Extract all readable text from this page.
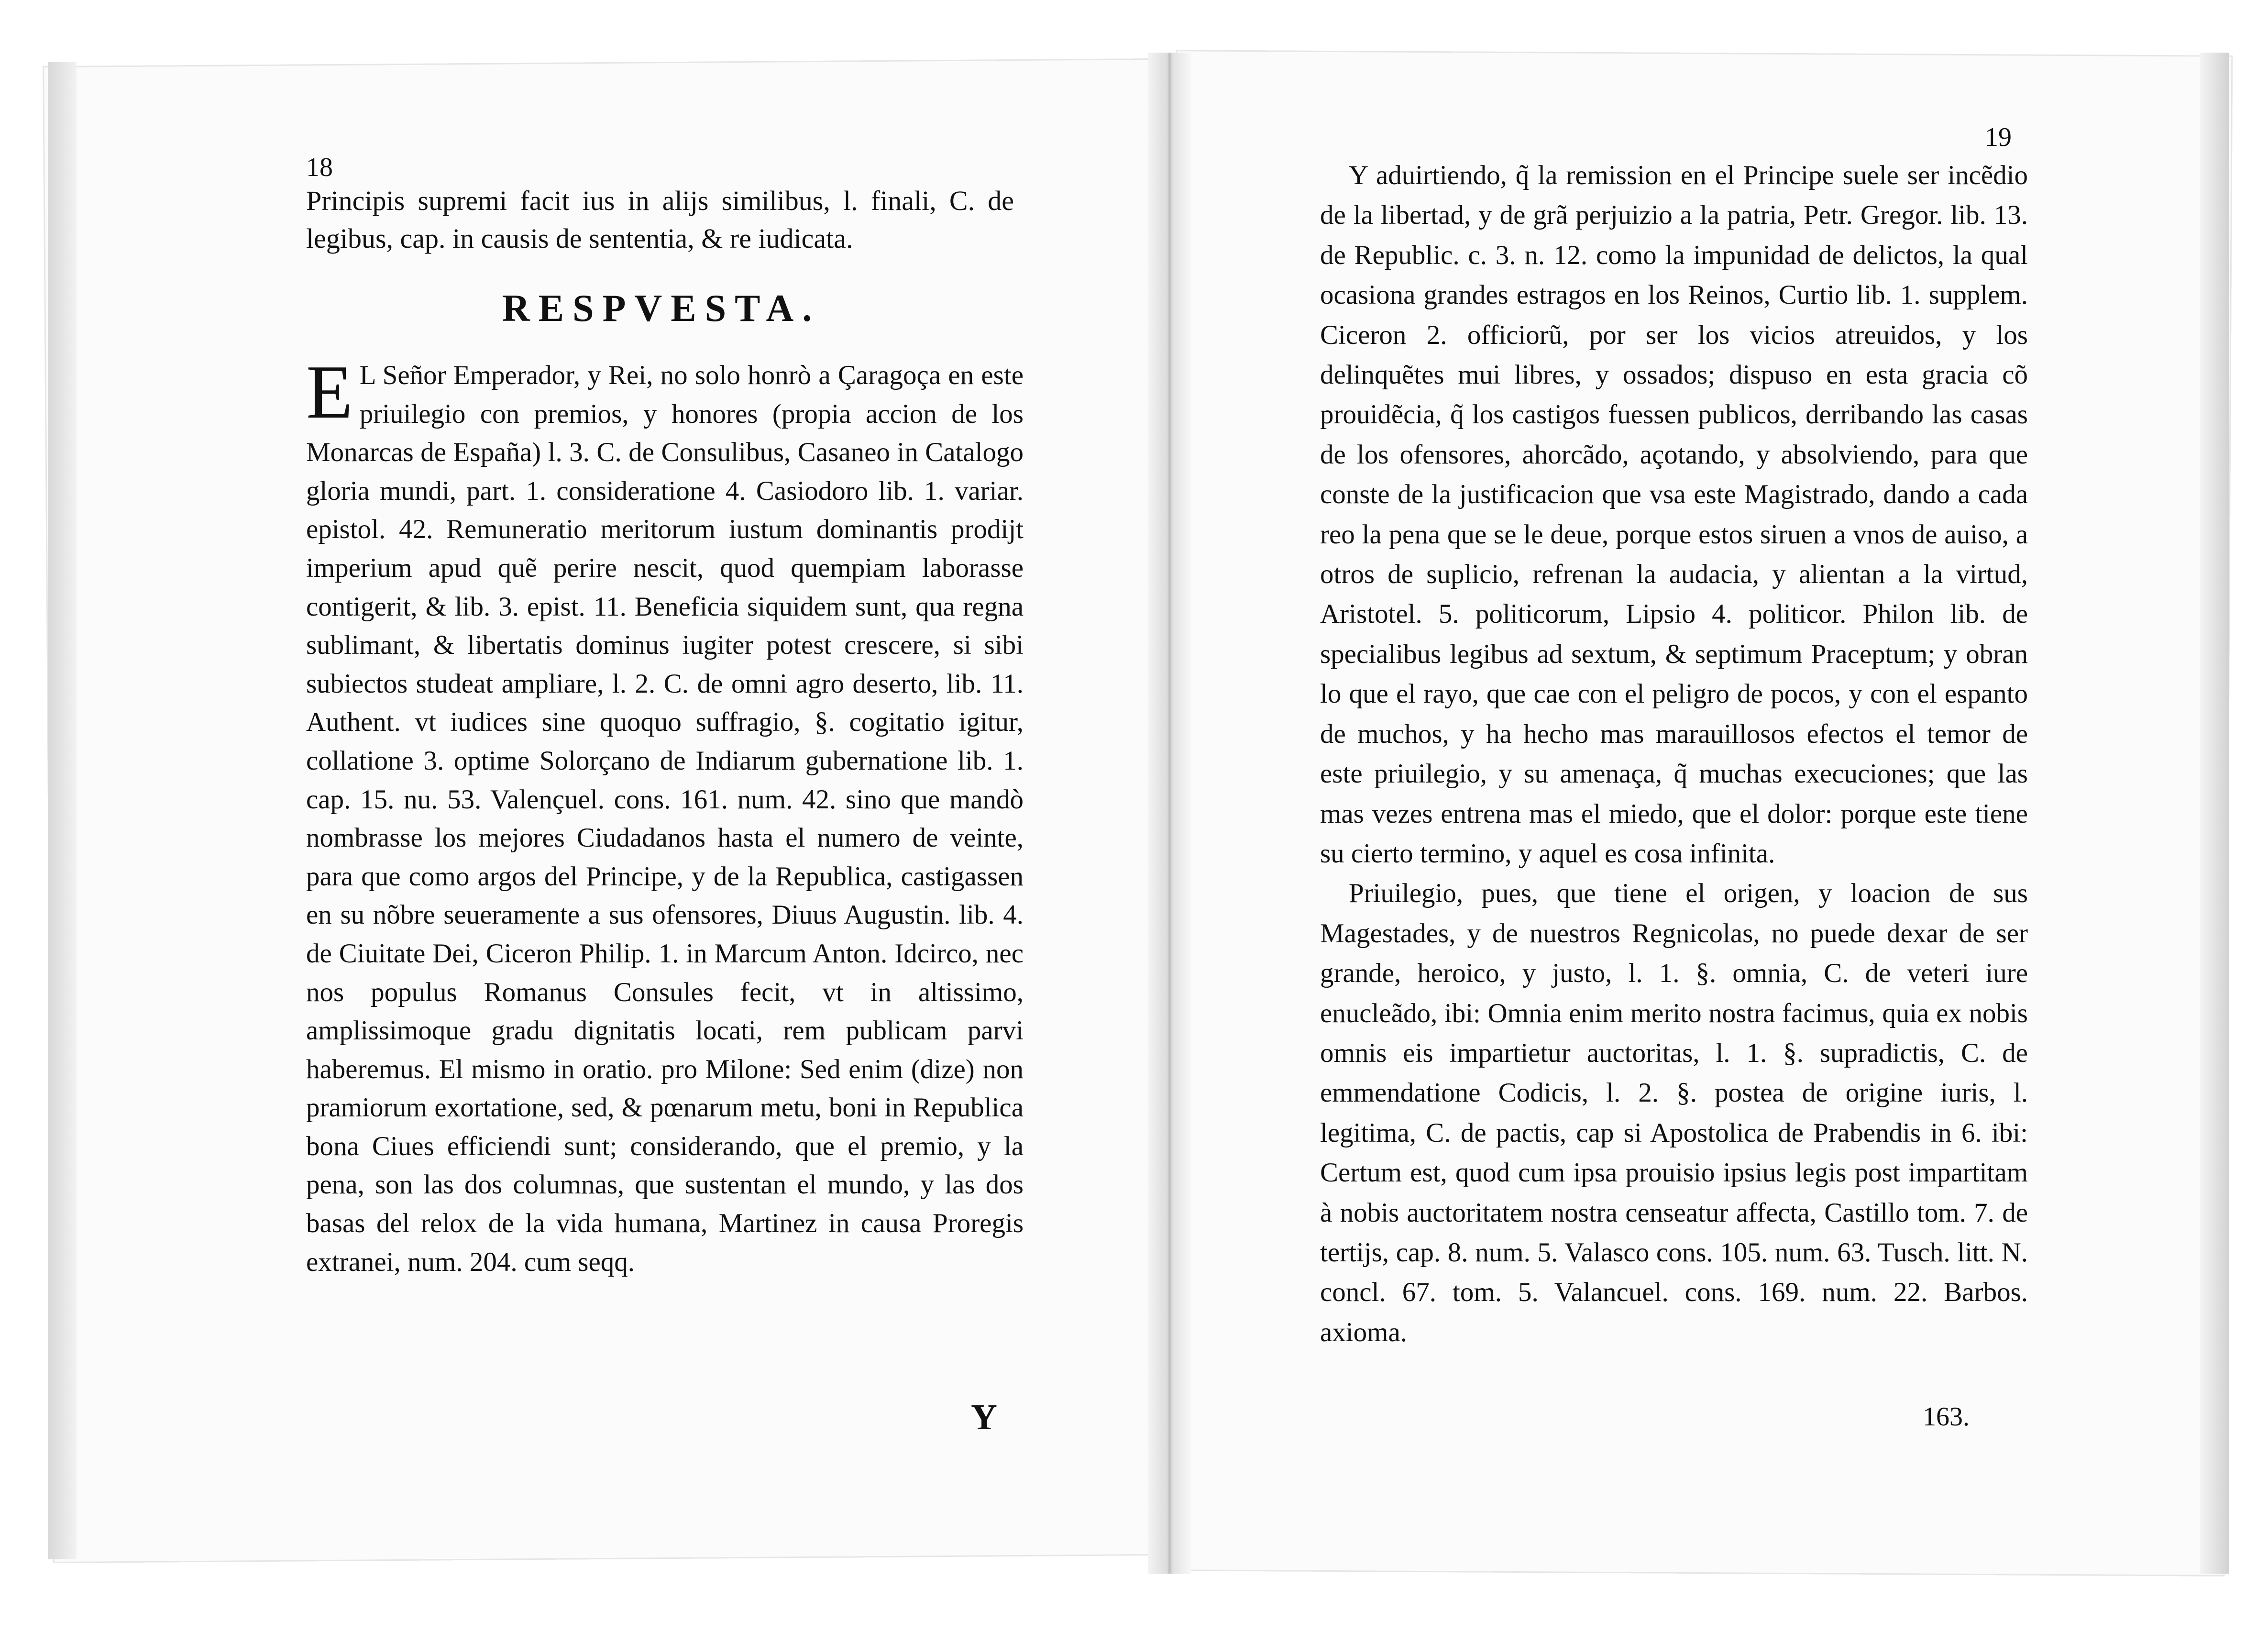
18

Principis supremi facit ius in alijs similibus, l. finali, C. de legibus, cap. in causis de sententia, & re iudicata.

RESPVESTA.
E L Señor Emperador, y Rei, no solo honrò a Çaragoça en este priuilegio con premios, y honores (propia accion de los Monarcas de España) l. 3. C. de Consulibus, Casaneo in Catalogo gloria mundi, part. 1. consideratione 4. Casiodoro lib. 1. variar. epistol. 42. Remuneratio meritorum iustum dominantis prodijt imperium apud quẽ perire nescit, quod quempiam laborasse contigerit, & lib. 3. epist. 11. Beneficia siquidem sunt, qua regna sublimant, & libertatis dominus iugiter potest crescere, si sibi subiectos studeat ampliare, l. 2. C. de omni agro deserto, lib. 11. Authent. vt iudices sine quoquo suffragio, §. cogitatio igitur, collatione 3. optime Solorçano de Indiarum gubernatione lib. 1. cap. 15. nu. 53. Valençuel. cons. 161. num. 42. sino que mandò nombrasse los mejores Ciudadanos hasta el numero de veinte, para que como argos del Principe, y de la Republica, castigassen en su nõbre seueramente a sus ofensores, Diuus Augustin. lib. 4. de Ciuitate Dei, Ciceron Philip. 1. in Marcum Anton. Idcirco, nec nos populus Romanus Consules fecit, vt in altissimo, amplissimoque gradu dignitatis locati, rem publicam parvi haberemus. El mismo in oratio. pro Milone: Sed enim (dize) non pramiorum exortatione, sed, & pœnarum metu, boni in Republica bona Ciues efficiendi sunt; considerando, que el premio, y la pena, son las dos columnas, que sustentan el mundo, y las dos basas del relox de la vida humana, Martinez in causa Proregis extranei, num. 204. cum seqq.

Y
19

Y aduirtiendo, q̃ la remission en el Principe suele ser incẽdio de la libertad, y de grã perjuizio a la patria, Petr. Gregor. lib. 13. de Republic. c. 3. n. 12. como la impunidad de delictos, la qual ocasiona grandes estragos en los Reinos, Curtio lib. 1. supplem. Ciceron 2. officiorũ, por ser los vicios atreuidos, y los delinquẽtes mui libres, y ossados; dispuso en esta gracia cõ prouidẽcia, q̃ los castigos fuessen publicos, derribando las casas de los ofensores, ahorcãdo, açotando, y absolviendo, para que conste de la justificacion que vsa este Magistrado, dando a cada reo la pena que se le deue, porque estos siruen a vnos de auiso, a otros de suplicio, refrenan la audacia, y alientan a la virtud, Aristotel. 5. politicorum, Lipsio 4. politicor. Philon lib. de specialibus legibus ad sextum, & septimum Praceptum; y obran lo que el rayo, que cae con el peligro de pocos, y con el espanto de muchos, y ha hecho mas marauillosos efectos el temor de este priuilegio, y su amenaça, q̃ muchas execuciones; que las mas vezes entrena mas el miedo, que el dolor: porque este tiene su cierto termino, y aquel es cosa infinita.

Priuilegio, pues, que tiene el origen, y loacion de sus Magestades, y de nuestros Regnicolas, no puede dexar de ser grande, heroico, y justo, l. 1. §. omnia, C. de veteri iure enucleãdo, ibi: Omnia enim merito nostra facimus, quia ex nobis omnis eis impartietur auctoritas, l. 1. §. supradictis, C. de emmendatione Codicis, l. 2. §. postea de origine iuris, l. legitima, C. de pactis, cap si Apostolica de Prabendis in 6. ibi: Certum est, quod cum ipsa prouisio ipsius legis post impartitam à nobis auctoritatem nostra censeatur affecta, Castillo tom. 7. de tertijs, cap. 8. num. 5. Valasco cons. 105. num. 63. Tusch. litt. N. concl. 67. tom. 5. Valancuel. cons. 169. num. 22. Barbos. axioma.

163.
